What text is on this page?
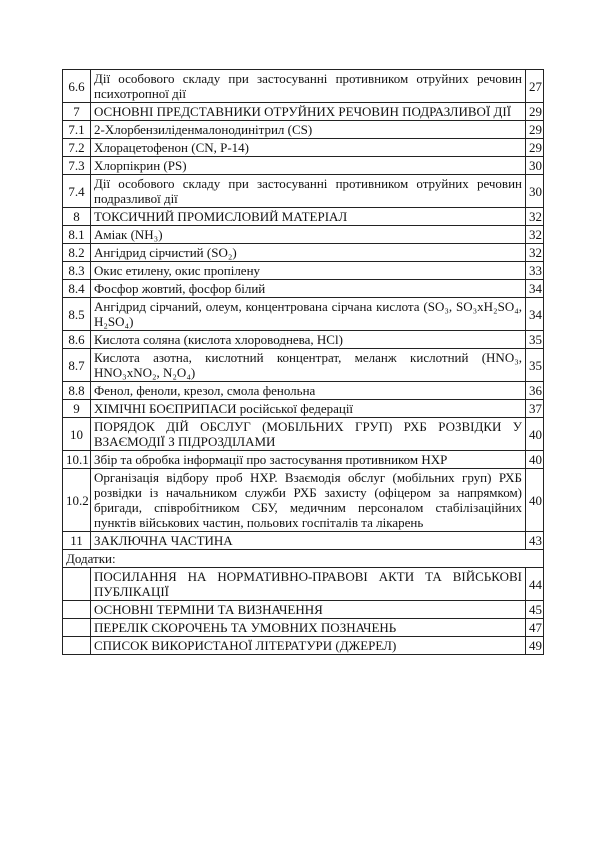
6.6	Дії особового складу при застосуванні противником отруйних речовин психотропної дії	27
7	ОСНОВНІ ПРЕДСТАВНИКИ ОТРУЙНИХ РЕЧОВИН ПОДРАЗЛИВОЇ ДІЇ	29
7.1	2-Хлорбензиліденмалонодинітрил (CS)	29
7.2	Хлорацетофенон (CN, Р-14)	29
7.3	Хлорпікрин (PS)	30
7.4	Дії особового складу при застосуванні противником отруйних речовин подразливої дії	30
8	ТОКСИЧНИЙ ПРОМИСЛОВИЙ МАТЕРІАЛ	32
8.1	Аміак (NH₃)	32
8.2	Ангідрид сірчистий (SO₂)	32
8.3	Окис етилену, окис пропілену	33
8.4	Фосфор жовтий, фосфор білий	34
8.5	Ангідрид сірчаний, олеум, концентрована сірчана кислота (SO₃, SO₃xH₂SO₄, H₂SO₄)	34
8.6	Кислота соляна (кислота хлороводнева, HCl)	35
8.7	Кислота азотна, кислотний концентрат, меланж кислотний (HNO₃, HNO₃xNO₂, N₂O₄)	35
8.8	Фенол, феноли, крезол, смола фенольна	36
9	ХІМІЧНІ БОЄПРИПАСИ російської федерації	37
10	ПОРЯДОК ДІЙ ОБСЛУГ (МОБІЛЬНИХ ГРУП) РХБ РОЗВІДКИ У ВЗАЄМОДІЇ З ПІДРОЗДІЛАМИ	40
10.1	Збір та обробка інформації про застосування противником НХР	40
10.2	Організація відбору проб НХР. Взаємодія обслуг (мобільних груп) РХБ розвідки із начальником служби РХБ захисту (офіцером за напрямком) бригади, співробітником СБУ, медичним персоналом стабілізаційних пунктів військових частин, польових госпіталів та лікарень	40
11	ЗАКЛЮЧНА ЧАСТИНА	43
Додатки:		
	ПОСИЛАННЯ НА НОРМАТИВНО-ПРАВОВІ АКТИ ТА ВІЙСЬКОВІ ПУБЛІКАЦІЇ	44
	ОСНОВНІ ТЕРМІНИ ТА ВИЗНАЧЕННЯ	45
	ПЕРЕЛІК СКОРОЧЕНЬ ТА УМОВНИХ ПОЗНАЧЕНЬ	47
	СПИСОК ВИКОРИСТАНОЇ ЛІТЕРАТУРИ (ДЖЕРЕЛ)	49
